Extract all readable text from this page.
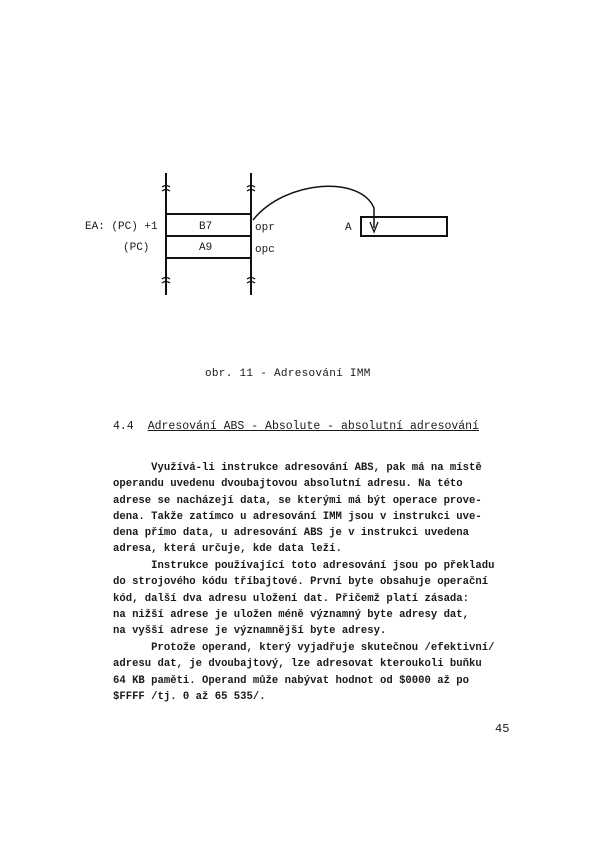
EA: (PC) +1
(PC)
B7
A9
opr
opc
A
obr. 11 - Adresování IMM
4.4 Adresování ABS - Absolute - absolutní adresování
Využívá-li instrukce adresování ABS, pak má na místě
operandu uvedenu dvoubajtovou absolutní adresu. Na této
adrese se nacházejí data, se kterými má být operace prove-
dena. Takže zatímco u adresování IMM jsou v instrukci uve-
dena přímo data, u adresování ABS je v instrukci uvedena
adresa, která určuje, kde data leží.
Instrukce používající toto adresování jsou po překladu
do strojového kódu tříbajtové. První byte obsahuje operační
kód, další dva adresu uložení dat. Přičemž platí zásada:
na nižší adrese je uložen méně významný byte adresy dat,
na vyšší adrese je významnější byte adresy.
Protože operand, který vyjadřuje skutečnou /efektivní/
adresu dat, je dvoubajtový, lze adresovat kteroukoli buňku
64 KB paměti. Operand může nabývat hodnot od $0000 až po
$FFFF /tj. 0 až 65 535/.
45
